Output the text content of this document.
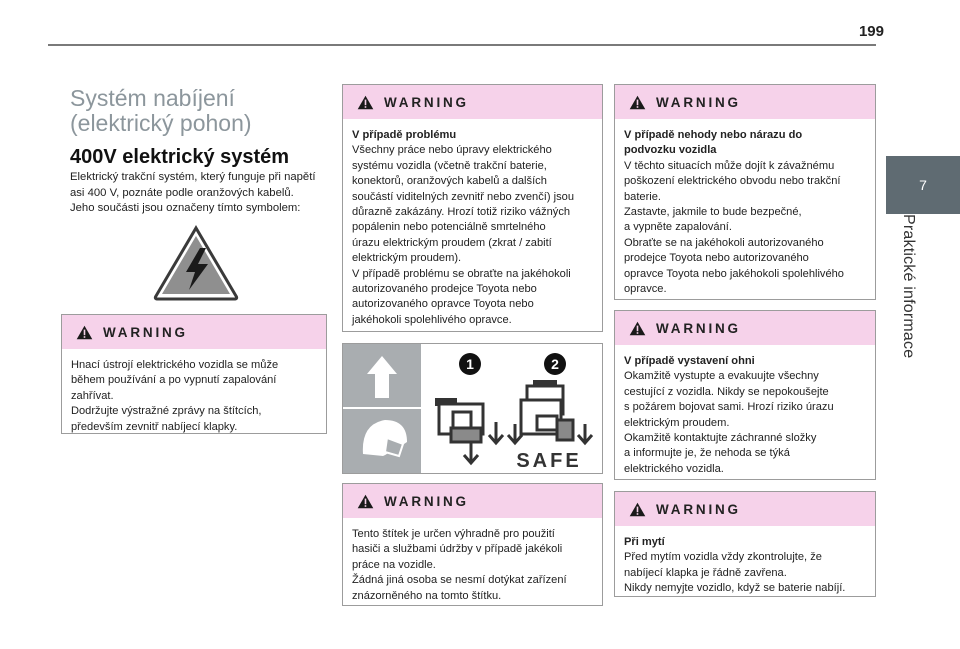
199
7
Praktické informace
Systém nabíjení (elektrický pohon)
400V elektrický systém
Elektrický trakční systém, který funguje při napětí
asi 400 V, poznáte podle oranžových kabelů.
Jeho součásti jsou označeny tímto symbolem:
WARNING
Hnací ústrojí elektrického vozidla se může
během používání a po vypnutí zapalování
zahřívat.
Dodržujte výstražné zprávy na štítcích,
především zevnitř nabíjecí klapky.
WARNING
V případě problému
Všechny práce nebo úpravy elektrického
systému vozidla (včetně trakční baterie,
konektorů, oranžových kabelů a dalších
součástí viditelných zevnitř nebo zvenčí) jsou
důrazně zakázány. Hrozí totiž riziko vážných
popálenin nebo potenciálně smrtelného
úrazu elektrickým proudem (zkrat / zabití
elektrickým proudem).
V případě problému se obraťte na jakéhokoli
autorizovaného prodejce Toyota nebo
autorizovaného opravce Toyota nebo
jakéhokoli spolehlivého opravce.
1	2
SAFE
WARNING
Tento štítek je určen výhradně pro použití
hasiči a službami údržby v případě jakékoli
práce na vozidle.
Žádná jiná osoba se nesmí dotýkat zařízení
znázorněného na tomto štítku.
WARNING
V případě nehody nebo nárazu do podvozku vozidla
V těchto situacích může dojít k závažnému
poškození elektrického obvodu nebo trakční
baterie.
Zastavte, jakmile to bude bezpečné,
a vypněte zapalování.
Obraťte se na jakéhokoli autorizovaného
prodejce Toyota nebo autorizovaného
opravce Toyota nebo jakéhokoli spolehlivého
opravce.
WARNING
V případě vystavení ohni
Okamžitě vystupte a evakuujte všechny
cestující z vozidla. Nikdy se nepokoušejte
s požárem bojovat sami. Hrozí riziko úrazu
elektrickým proudem.
Okamžitě kontaktujte záchranné složky
a informujte je, že nehoda se týká
elektrického vozidla.
WARNING
Při mytí
Před mytím vozidla vždy zkontrolujte, že
nabíjecí klapka je řádně zavřena.
Nikdy nemyjte vozidlo, když se baterie nabíjí.
